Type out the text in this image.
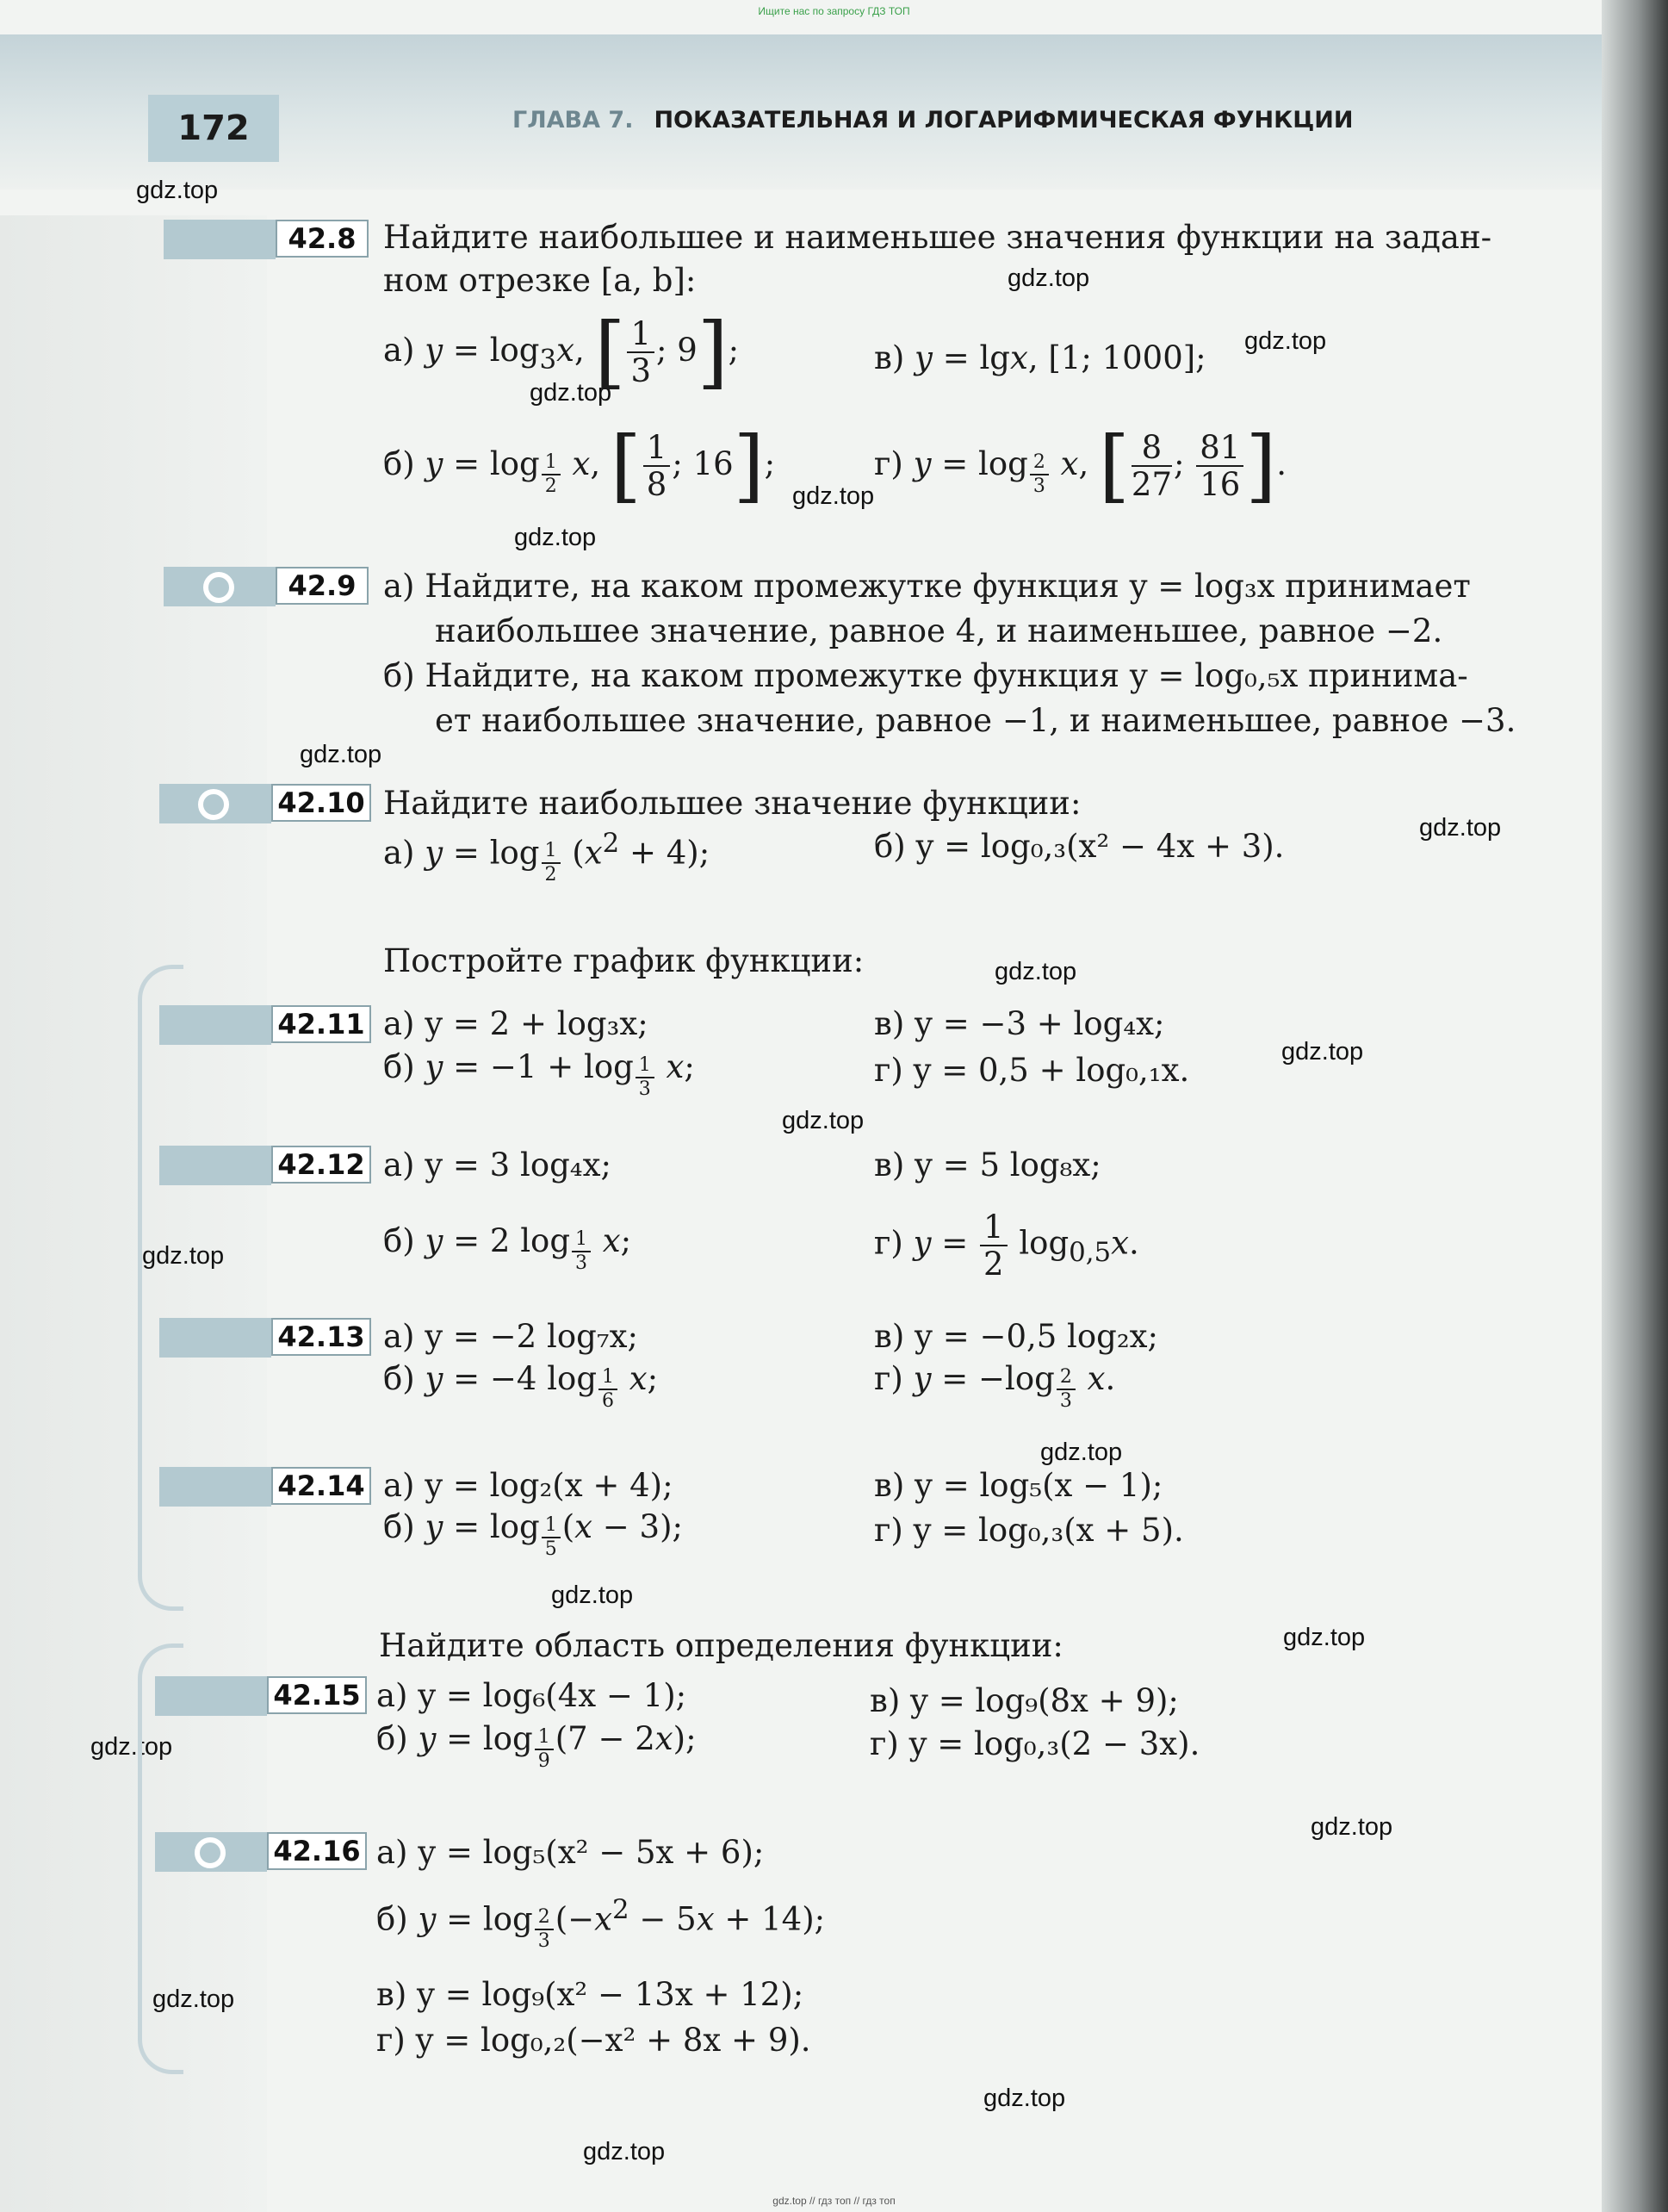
Ищите нас по запросу ГДЗ ТОП
172	ГЛАВА 7. ПОКАЗАТЕЛЬНАЯ И ЛОГАРИФМИЧЕСКАЯ ФУНКЦИИ
gdz.top
gdz.top
gdz.top
gdz.top
gdz.top
gdz.top
gdz.top
gdz.top
gdz.top
gdz.top
gdz.top
gdz.top
gdz.top
gdz.top
gdz.top
gdz.top
gdz.top
gdz.top
gdz.top
gdz.top
42.8 Найдите наибольшее и наименьшее значения функции на задан-
ном отрезке [a, b]:
а) $y = \log_3x$, [ $\frac{1}{3}$ ; 9];	в) y = lgx, [1; 1000];
б) y = log $_{\frac{1}{2}}$ x, [ $\frac{1}{8}$ ; 16];	г) y = log $_{\frac{2}{3}}$ x, [ $\frac{8}{27}$ ; $\frac{81}{16}$ ].
42.9 а) Найдите, на каком промежутке функция y = log₃x принимает
наибольшее значение, равное 4, и наименьшее, равное −2.
б) Найдите, на каком промежутке функция y = log₀,₅x принима-
ет наибольшее значение, равное −1, и наименьшее, равное −3.
42.10 Найдите наибольшее значение функции:
а) y = log $_{\frac{1}{2}}$ $(x^2 + 4)$;	б) y = log₀,₃(x² − 4x + 3).
Постройте график функции:
42.11 а) y = 2 + log₃x;	в) y = −3 + log₄x;
б) y = −1 + log $_{\frac{1}{3}}$ x;	г) y = 0,5 + log₀,₁x.
42.12 а) y = 3 log₄x;	в) y = 5 log₈x;
б) y = 2 log $_{\frac{1}{3}}$ x;	г) $y = \frac{1}{2} \log_{0,5}x$.
42.13 а) y = −2 log₇x;	в) y = −0,5 log₂x;
б) y = −4 log $_{\frac{1}{6}}$ x;	г) y = −log $_{\frac{2}{3}}$ x.
42.14 а) y = log₂(x + 4);	в) y = log₅(x − 1);
б) y = log $_{\frac{1}{5}}$ (x − 3);	г) y = log₀,₃(x + 5).
Найдите область определения функции:
42.15 а) y = log₆(4x − 1);	в) y = log₉(8x + 9);
б) y = log $_{\frac{1}{9}}$ (7 − 2x);	г) y = log₀,₃(2 − 3x).
42.16 а) y = log₅(x² − 5x + 6);
б) y = log $_{\frac{2}{3}}$ $(-x^2 - 5x + 14)$;
в) y = log₉(x² − 13x + 12);
г) y = log₀,₂(−x² + 8x + 9).
gdz.top // гдз топ // гдз топ
